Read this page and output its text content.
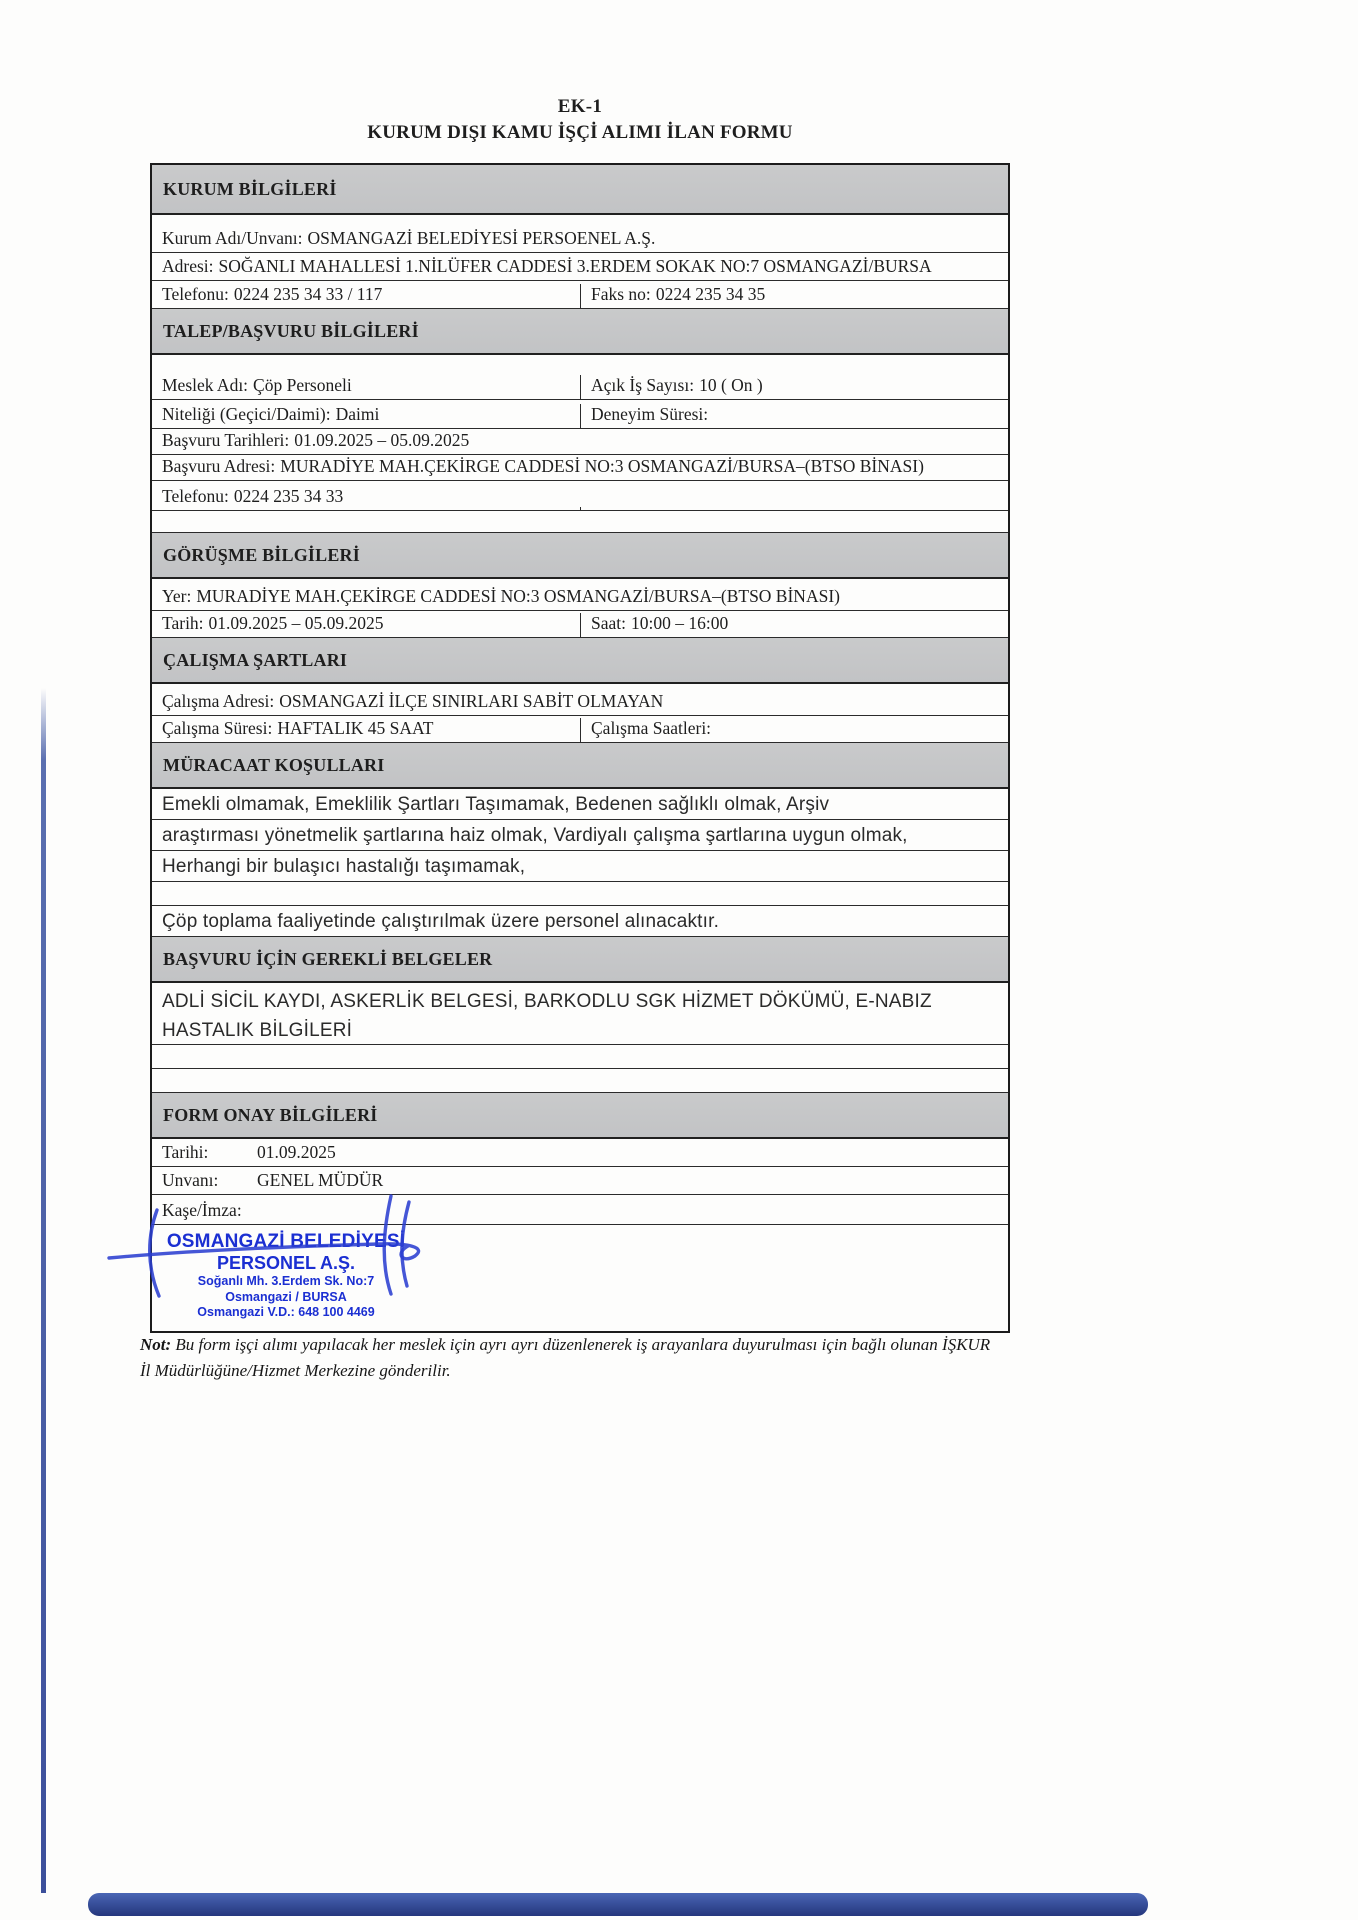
EK-1
KURUM DIŞI KAMU İŞÇİ ALIMI İLAN FORMU
KURUM BİLGİLERİ
Kurum Adı/Unvanı: OSMANGAZİ BELEDİYESİ PERSOENEL A.Ş.
Adresi: SOĞANLI MAHALLESİ 1.NİLÜFER CADDESİ 3.ERDEM SOKAK NO:7 OSMANGAZİ/BURSA
Telefonu: 0224 235 34 33 / 117	Faks no: 0224 235 34 35
TALEP/BAŞVURU BİLGİLERİ
Meslek Adı: Çöp Personeli	Açık İş Sayısı: 10 ( On )
Niteliği (Geçici/Daimi): Daimi	Deneyim Süresi:
Başvuru Tarihleri: 01.09.2025 – 05.09.2025
Başvuru Adresi: MURADİYE MAH.ÇEKİRGE CADDESİ NO:3 OSMANGAZİ/BURSA–(BTSO BİNASI)
Telefonu: 0224 235 34 33
GÖRÜŞME BİLGİLERİ
Yer: MURADİYE MAH.ÇEKİRGE CADDESİ NO:3 OSMANGAZİ/BURSA–(BTSO BİNASI)
Tarih: 01.09.2025 – 05.09.2025	Saat: 10:00 – 16:00
ÇALIŞMA ŞARTLARI
Çalışma Adresi: OSMANGAZİ İLÇE SINIRLARI SABİT OLMAYAN
Çalışma Süresi: HAFTALIK 45 SAAT	Çalışma Saatleri:
MÜRACAAT KOŞULLARI
Emekli olmamak, Emeklilik Şartları Taşımamak, Bedenen sağlıklı olmak, Arşiv
araştırması yönetmelik şartlarına haiz olmak, Vardiyalı çalışma şartlarına uygun olmak,
Herhangi bir bulaşıcı hastalığı taşımamak,
Çöp toplama faaliyetinde çalıştırılmak üzere personel alınacaktır.
BAŞVURU İÇİN GEREKLİ BELGELER
ADLİ SİCİL KAYDI, ASKERLİK BELGESİ, BARKODLU SGK HİZMET DÖKÜMÜ, E-NABIZ HASTALIK BİLGİLERİ
FORM ONAY BİLGİLERİ
Tarihi:	01.09.2025
Unvanı: GENEL MÜDÜR
Kaşe/İmza:
OSMANGAZİ BELEDİYESİ
PERSONEL A.Ş.
Soğanlı Mh. 3.Erdem Sk. No:7
Osmangazi / BURSA
Osmangazi V.D.: 648 100 4469
Not: Bu form işçi alımı yapılacak her meslek için ayrı ayrı düzenlenerek iş arayanlara duyurulması için bağlı olunan İŞKUR İl Müdürlüğüne/Hizmet Merkezine gönderilir.
